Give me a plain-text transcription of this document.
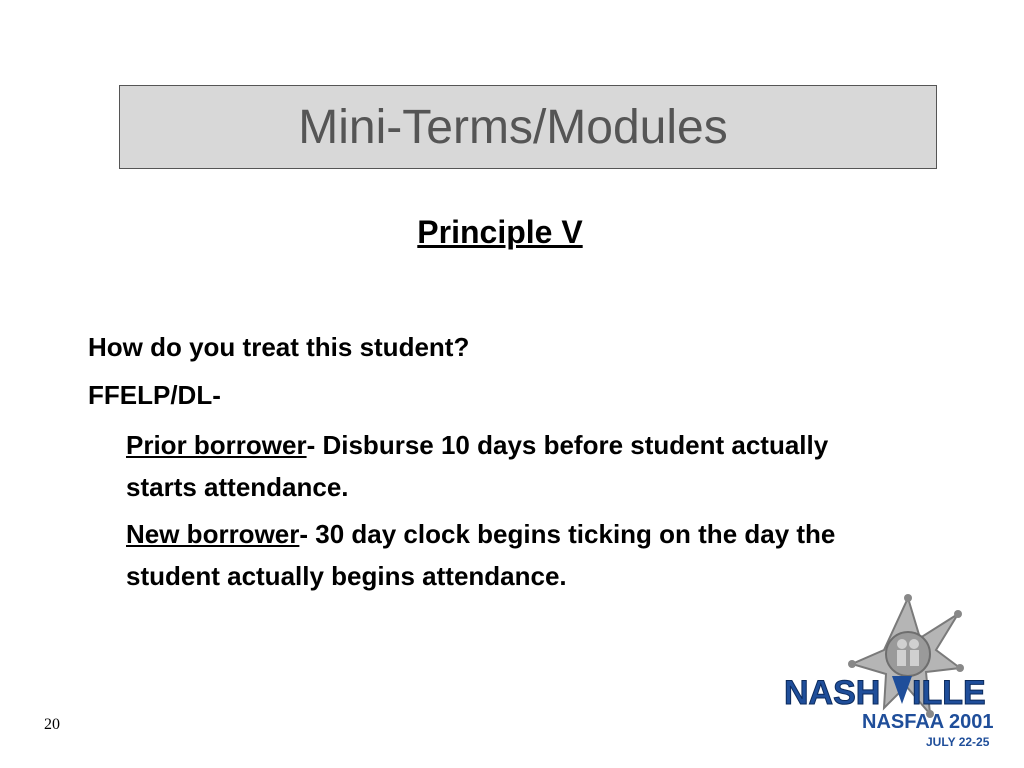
Mini-Terms/Modules
Principle V
How do you treat this student?
FFELP/DL-
Prior borrower- Disburse 10 days before student actually starts attendance.
New borrower- 30 day clock begins ticking on the day the student actually begins attendance.
20
NASH ILLE
NASFAA 2001
JULY 22-25
